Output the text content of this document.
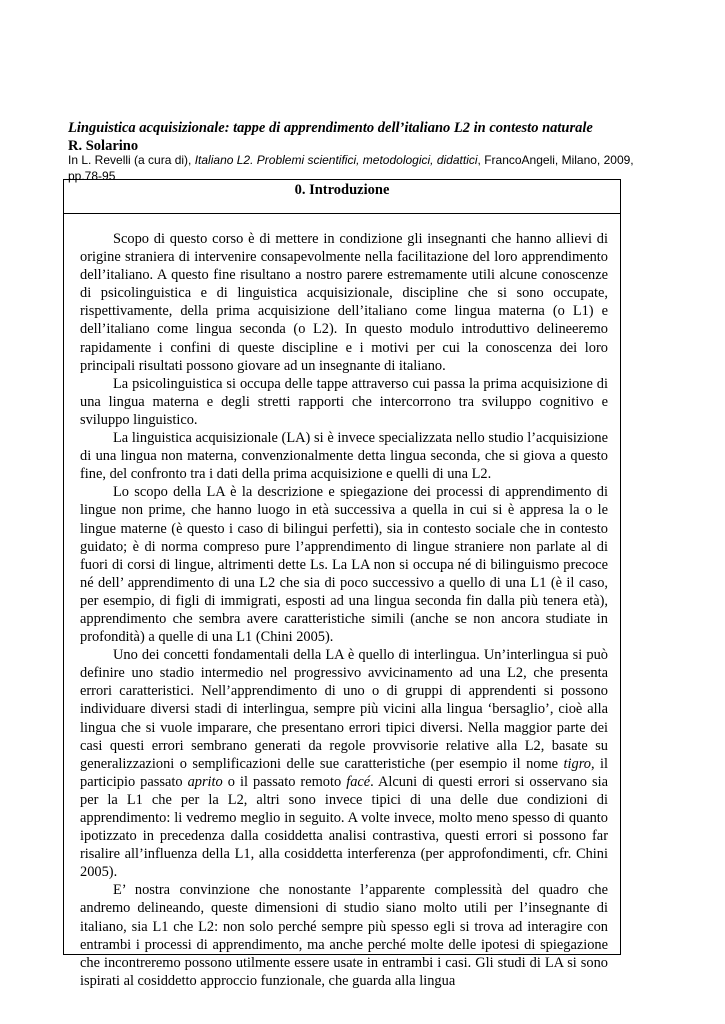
Linguistica acquisizionale: tappe di apprendimento dell’italiano L2 in contesto naturale
R. Solarino
In L. Revelli (a cura di), Italiano L2. Problemi scientifici, metodologici, didattici, FrancoAngeli, Milano, 2009, pp.78-95
0. Introduzione

Scopo di questo corso è di mettere in condizione gli insegnanti che hanno allievi di origine straniera di intervenire consapevolmente nella facilitazione del loro apprendimento dell’italiano. A questo fine risultano a nostro parere estremamente utili alcune conoscenze di psicolinguistica e di linguistica acquisizionale, discipline che si sono occupate, rispettivamente, della prima acquisizione dell’italiano come lingua materna (o L1) e dell’italiano come lingua seconda (o L2). In questo modulo introduttivo delineeremo rapidamente i confini di queste discipline e i motivi per cui la conoscenza dei loro principali risultati possono giovare ad un insegnante di italiano.

La psicolinguistica si occupa delle tappe attraverso cui passa la prima acquisizione di una lingua materna e degli stretti rapporti che intercorrono tra sviluppo cognitivo e sviluppo linguistico.

La linguistica acquisizionale (LA) si è invece specializzata nello studio l’acquisizione di una lingua non materna, convenzionalmente detta lingua seconda, che si giova a questo fine, del confronto tra i dati della prima acquisizione e quelli di una L2.

Lo scopo della LA è la descrizione e spiegazione dei processi di apprendimento di lingue non prime, che hanno luogo in età successiva a quella in cui si è appresa la o le lingue materne (è questo i caso di bilingui perfetti), sia in contesto sociale che in contesto guidato; è di norma compreso pure l’apprendimento di lingue straniere non parlate al di fuori di corsi di lingue, altrimenti dette Ls. La LA non si occupa né di bilinguismo precoce né dell’ apprendimento di una L2 che sia di poco successivo a quello di una L1 (è il caso, per esempio, di figli di immigrati, esposti ad una lingua seconda fin dalla più tenera età), apprendimento che sembra avere caratteristiche simili (anche se non ancora studiate in profondità) a quelle di una L1 (Chini 2005).

Uno dei concetti fondamentali della LA è quello di interlingua. Un’interlingua si può definire uno stadio intermedio nel progressivo avvicinamento ad una L2, che presenta errori caratteristici. Nell’apprendimento di uno o di gruppi di apprendenti si possono individuare diversi stadi di interlingua, sempre più vicini alla lingua ‘bersaglio’, cioè alla lingua che si vuole imparare, che presentano errori tipici diversi. Nella maggior parte dei casi questi errori sembrano generati da regole provvisorie relative alla L2, basate su generalizzazioni o semplificazioni delle sue caratteristiche (per esempio il nome tigro, il participio passato aprito o il passato remoto facé. Alcuni di questi errori si osservano sia per la L1 che per la L2, altri sono invece tipici di una delle due condizioni di apprendimento: li vedremo meglio in seguito. A volte invece, molto meno spesso di quanto ipotizzato in precedenza dalla cosiddetta analisi contrastiva, questi errori si possono far risalire all’influenza della L1, alla cosiddetta interferenza (per approfondimenti, cfr. Chini 2005).

E’ nostra convinzione che nonostante l’apparente complessità del quadro che andremo delineando, queste dimensioni di studio siano molto utili per l’insegnante di italiano, sia L1 che L2: non solo perché sempre più spesso egli si trova ad interagire con entrambi i processi di apprendimento, ma anche perché molte delle ipotesi di spiegazione che incontreremo possono utilmente essere usate in entrambi i casi. Gli studi di LA si sono ispirati al cosiddetto approccio funzionale, che guarda alla lingua
